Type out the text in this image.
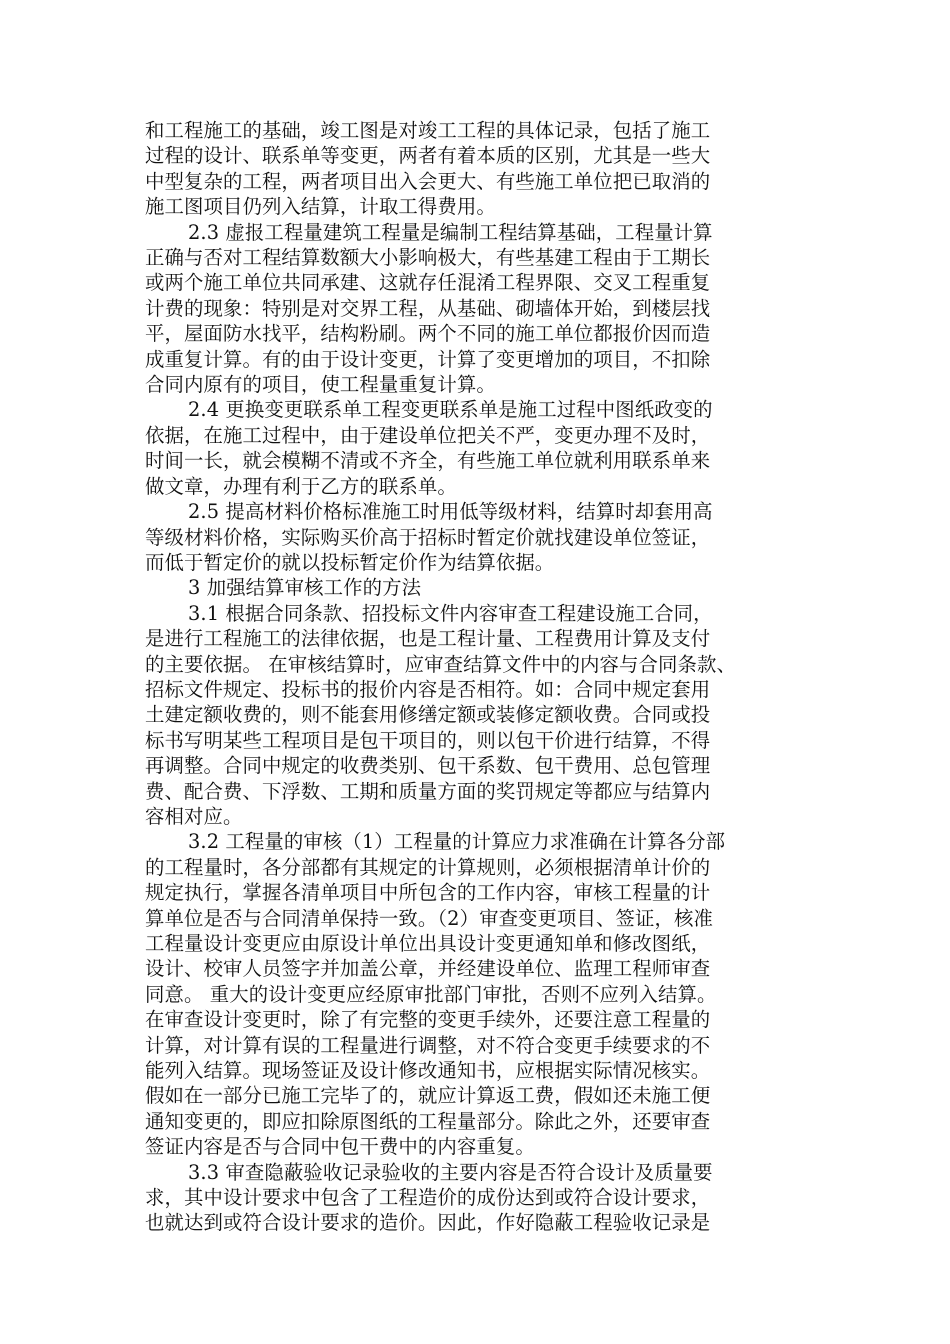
和工程施工的基础，竣工图是对竣工工程的具体记录，包括了施工
过程的设计、联系单等变更，两者有着本质的区别，尤其是一些大
中型复杂的工程，两者项目出入会更大、有些施工单位把已取消的
施工图项目仍列入结算，计取工得费用。
2.3 虚报工程量建筑工程量是编制工程结算基础，工程量计算
正确与否对工程结算数额大小影响极大，有些基建工程由于工期长
或两个施工单位共同承建、这就存任混淆工程界限、交叉工程重复
计费的现象：特别是对交界工程，从基础、砌墙体开始，到楼层找
平，屋面防水找平，结构粉刷。两个不同的施工单位都报价因而造
成重复计算。有的由于设计变更，计算了变更增加的项目，不扣除
合同内原有的项目，使工程量重复计算。
2.4 更换变更联系单工程变更联系单是施工过程中图纸政变的
依据，在施工过程中，由于建设单位把关不严，变更办理不及时，
时间一长，就会模糊不清或不齐全，有些施工单位就利用联系单来
做文章，办理有利于乙方的联系单。
2.5 提高材料价格标准施工时用低等级材料，结算时却套用高
等级材料价格，实际购买价高于招标时暂定价就找建设单位签证，
而低于暂定价的就以投标暂定价作为结算依据。
3 加强结算审核工作的方法
3.1 根据合同条款、招投标文件内容审查工程建设施工合同，
是进行工程施工的法律依据，也是工程计量、工程费用计算及支付
的主要依据。 在审核结算时，应审查结算文件中的内容与合同条款、
招标文件规定、投标书的报价内容是否相符。如：合同中规定套用
土建定额收费的，则不能套用修缮定额或装修定额收费。合同或投
标书写明某些工程项目是包干项目的，则以包干价进行结算，不得
再调整。合同中规定的收费类别、包干系数、包干费用、总包管理
费、配合费、下浮数、工期和质量方面的奖罚规定等都应与结算内
容相对应。
3.2 工程量的审核（1）工程量的计算应力求准确在计算各分部
的工程量时，各分部都有其规定的计算规则，必须根据清单计价的
规定执行，掌握各清单项目中所包含的工作内容，审核工程量的计
算单位是否与合同清单保持一致。（2）审查变更项目、签证，核准
工程量设计变更应由原设计单位出具设计变更通知单和修改图纸，
设计、校审人员签字并加盖公章，并经建设单位、监理工程师审查
同意。 重大的设计变更应经原审批部门审批，否则不应列入结算。
在审查设计变更时，除了有完整的变更手续外，还要注意工程量的
计算，对计算有误的工程量进行调整，对不符合变更手续要求的不
能列入结算。现场签证及设计修改通知书，应根据实际情况核实。
假如在一部分已施工完毕了的，就应计算返工费，假如还未施工便
通知变更的，即应扣除原图纸的工程量部分。除此之外，还要审查
签证内容是否与合同中包干费中的内容重复。
3.3 审查隐蔽验收记录验收的主要内容是否符合设计及质量要
求，其中设计要求中包含了工程造价的成份达到或符合设计要求，
也就达到或符合设计要求的造价。因此，作好隐蔽工程验收记录是
